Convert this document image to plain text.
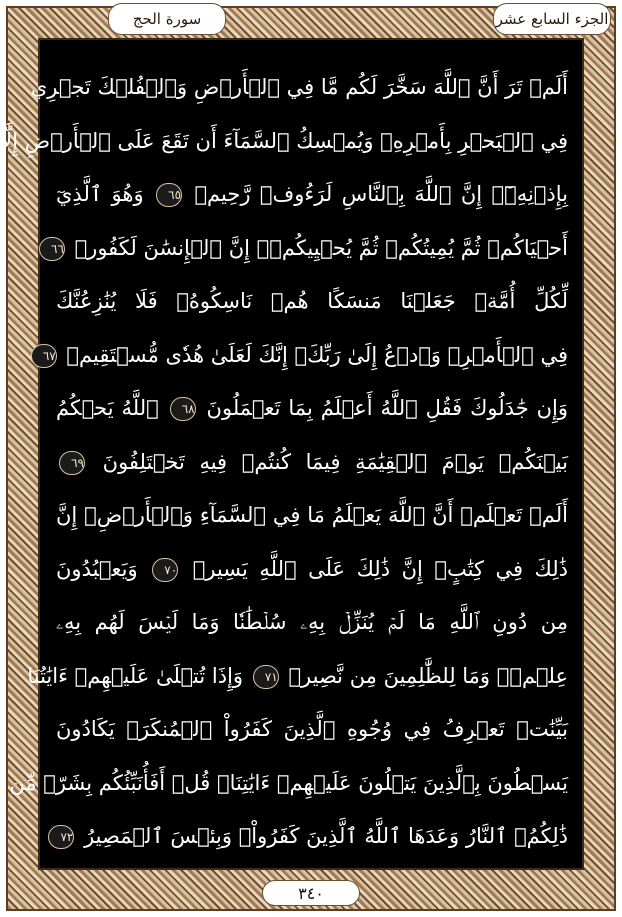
الجزء السابع عشر
سورة الحج
أَلَمۡ تَرَ أَنَّ ٱللَّهَ سَخَّرَ لَكُم مَّا فِي ٱلۡأَرۡضِ وَٱلۡفُلۡكَ تَجۡرِي
فِي ٱلۡبَحۡرِ بِأَمۡرِهِۦ وَيُمۡسِكُ ٱلسَّمَآءَ أَن تَقَعَ عَلَى ٱلۡأَرۡضِ إِلَّا
بِإِذۡنِهِۦٓۚ إِنَّ ٱللَّهَ بِٱلنَّاسِ لَرَءُوفٞ رَّحِيمٞ ٦٥ وَهُوَ ٱلَّذِيٓ
أَحۡيَاكُمۡ ثُمَّ يُمِيتُكُمۡ ثُمَّ يُحۡيِيكُمۡۗ إِنَّ ٱلۡإِنسَٰنَ لَكَفُورٞ ٦٦
لِّكُلِّ أُمَّةٖ جَعَلۡنَا مَنسَكًا هُمۡ نَاسِكُوهُۖ فَلَا يُنَٰزِعُنَّكَ
فِي ٱلۡأَمۡرِۚ وَٱدۡعُ إِلَىٰ رَبِّكَۖ إِنَّكَ لَعَلَىٰ هُدٗى مُّسۡتَقِيمٖ ٦٧
وَإِن جَٰدَلُوكَ فَقُلِ ٱللَّهُ أَعۡلَمُ بِمَا تَعۡمَلُونَ ٦٨ ٱللَّهُ يَحۡكُمُ
بَيۡنَكُمۡ يَوۡمَ ٱلۡقِيَٰمَةِ فِيمَا كُنتُمۡ فِيهِ تَخۡتَلِفُونَ ٦٩
أَلَمۡ تَعۡلَمۡ أَنَّ ٱللَّهَ يَعۡلَمُ مَا فِي ٱلسَّمَآءِ وَٱلۡأَرۡضِۚ إِنَّ
ذَٰلِكَ فِي كِتَٰبٍۚ إِنَّ ذَٰلِكَ عَلَى ٱللَّهِ يَسِيرٞ ٧٠ وَيَعۡبُدُونَ
مِن دُونِ ٱللَّهِ مَا لَمۡ يُنَزِّلۡ بِهِۦ سُلۡطَٰنٗا وَمَا لَيۡسَ لَهُم بِهِۦ
عِلۡمٞۗ وَمَا لِلظَّٰلِمِينَ مِن نَّصِيرٖ ٧١ وَإِذَا تُتۡلَىٰ عَلَيۡهِمۡ ءَايَٰتُنَا
بَيِّنَٰتٖ تَعۡرِفُ فِي وُجُوهِ ٱلَّذِينَ كَفَرُواْ ٱلۡمُنكَرَۖ يَكَادُونَ
يَسۡطُونَ بِٱلَّذِينَ يَتۡلُونَ عَلَيۡهِمۡ ءَايَٰتِنَاۗ قُلۡ أَفَأُنَبِّئُكُم بِشَرّٖ مِّن
ذَٰلِكُمُۚ ٱلنَّارُ وَعَدَهَا ٱللَّهُ ٱلَّذِينَ كَفَرُواْۖ وَبِئۡسَ ٱلۡمَصِيرُ ٧٢
٣٤٠
